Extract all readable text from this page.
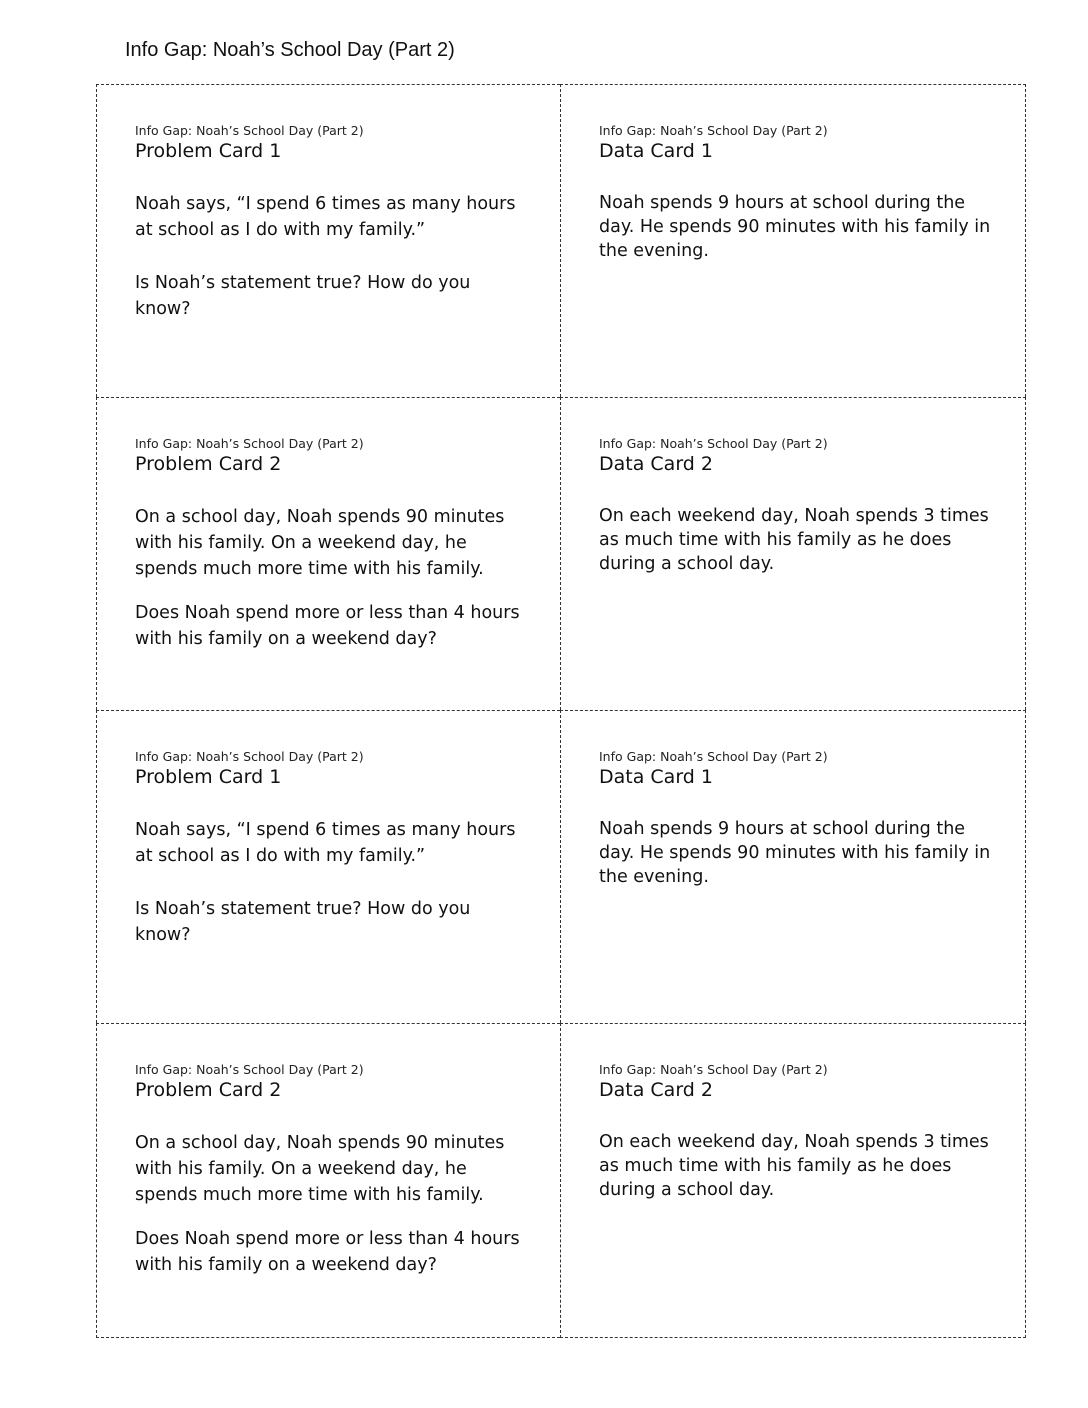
Info Gap: Noah’s School Day (Part 2)
Info Gap: Noah’s School Day (Part 2)
Problem Card 1
Noah says, “I spend 6 times as many hours at school as I do with my family.”
Is Noah’s statement true? How do you know?
Info Gap: Noah’s School Day (Part 2)
Data Card 1
Noah spends 9 hours at school during the day. He spends 90 minutes with his family in the evening.
Info Gap: Noah’s School Day (Part 2)
Problem Card 2
On a school day, Noah spends 90 minutes with his family. On a weekend day, he spends much more time with his family.
Does Noah spend more or less than 4 hours with his family on a weekend day?
Info Gap: Noah’s School Day (Part 2)
Data Card 2
On each weekend day, Noah spends 3 times as much time with his family as he does during a school day.
Info Gap: Noah’s School Day (Part 2)
Problem Card 1
Noah says, “I spend 6 times as many hours at school as I do with my family.”
Is Noah’s statement true? How do you know?
Info Gap: Noah’s School Day (Part 2)
Data Card 1
Noah spends 9 hours at school during the day. He spends 90 minutes with his family in the evening.
Info Gap: Noah’s School Day (Part 2)
Problem Card 2
On a school day, Noah spends 90 minutes with his family. On a weekend day, he spends much more time with his family.
Does Noah spend more or less than 4 hours with his family on a weekend day?
Info Gap: Noah’s School Day (Part 2)
Data Card 2
On each weekend day, Noah spends 3 times as much time with his family as he does during a school day.
